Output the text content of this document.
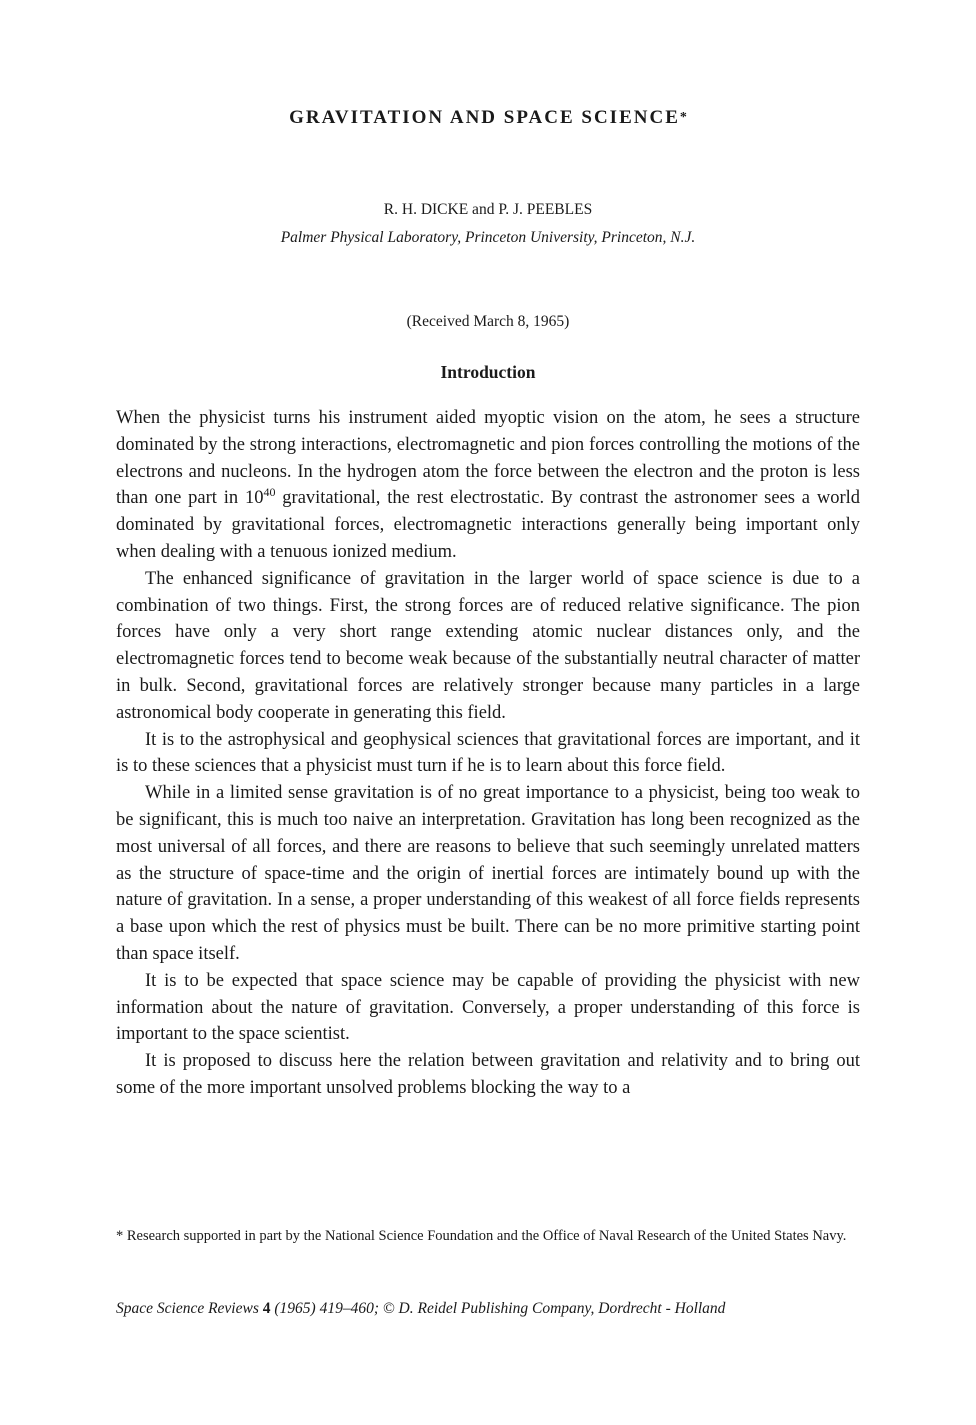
GRAVITATION AND SPACE SCIENCE*
R. H. DICKE and P. J. PEEBLES
Palmer Physical Laboratory, Princeton University, Princeton, N.J.
(Received March 8, 1965)
Introduction

When the physicist turns his instrument aided myoptic vision on the atom, he sees a structure dominated by the strong interactions, electromagnetic and pion forces controlling the motions of the electrons and nucleons. In the hydrogen atom the force between the electron and the proton is less than one part in $10^{40}$ gravitational, the rest electrostatic. By contrast the astronomer sees a world dominated by gravitational forces, electromagnetic interactions generally being important only when dealing with a tenuous ionized medium.

The enhanced significance of gravitation in the larger world of space science is due to a combination of two things. First, the strong forces are of reduced relative significance. The pion forces have only a very short range extending atomic nuclear distances only, and the electromagnetic forces tend to become weak because of the substantially neutral character of matter in bulk. Second, gravitational forces are relatively stronger because many particles in a large astronomical body cooperate in generating this field.

It is to the astrophysical and geophysical sciences that gravitational forces are important, and it is to these sciences that a physicist must turn if he is to learn about this force field.

While in a limited sense gravitation is of no great importance to a physicist, being too weak to be significant, this is much too naive an interpretation. Gravitation has long been recognized as the most universal of all forces, and there are reasons to believe that such seemingly unrelated matters as the structure of space-time and the origin of inertial forces are intimately bound up with the nature of gravitation. In a sense, a proper understanding of this weakest of all force fields represents a base upon which the rest of physics must be built. There can be no more primitive starting point than space itself.

It is to be expected that space science may be capable of providing the physicist with new information about the nature of gravitation. Conversely, a proper understanding of this force is important to the space scientist.

It is proposed to discuss here the relation between gravitation and relativity and to bring out some of the more important unsolved problems blocking the way to a

* Research supported in part by the National Science Foundation and the Office of Naval Research of the United States Navy.
Space Science Reviews 4 (1965) 419–460; © D. Reidel Publishing Company, Dordrecht - Holland
